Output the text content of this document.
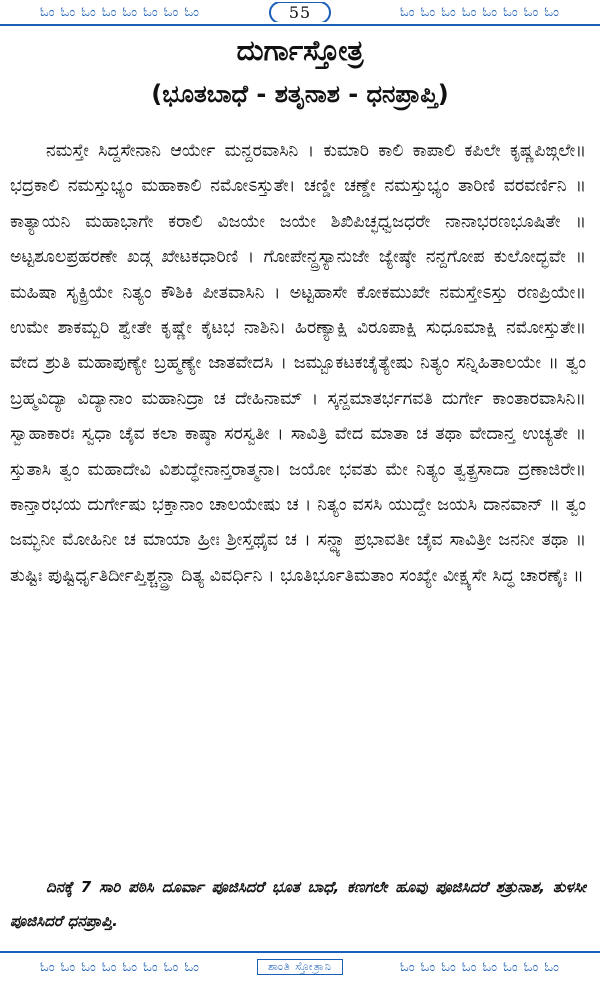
ಓಂ ಓಂ ಓಂ ಓಂ ಓಂ ಓಂ ಓಂ ಓಂ	55	ಓಂ ಓಂ ಓಂ ಓಂ ಓಂ ಓಂ ಓಂ ಓಂ
ದುರ್ಗಾಸ್ತೋತ್ರ
(ಭೂತಬಾಧೆ - ಶತೃನಾಶ - ಧನಪ್ರಾಪ್ತಿ)

ನಮಸ್ತೇ ಸಿದ್ದಸೇನಾನಿ ಆರ್ಯೇ ಮನ್ದರವಾಸಿನಿ । ಕುಮಾರಿ ಕಾಲಿ ಕಾಪಾಲಿ ಕಪಿಲೇ ಕೃಷ್ಣಪಿಙ್ಗಲೇ॥ ಭದ್ರಕಾಲಿ ನಮಸ್ತುಭ್ಯಂ ಮಹಾಕಾಲಿ ನಮೋಽಸ್ತುತೇ। ಚಣ್ಡೀ ಚಣ್ಡೇ ನಮಸ್ತುಭ್ಯಂ ತಾರಿಣಿ ವರವರ್ಣಿನಿ ॥ ಕಾತ್ಯಾಯನಿ ಮಹಾಭಾಗೇ ಕರಾಲಿ ವಿಜಯೇ ಜಯೇ ಶಿಖಿಪಿಚ್ಛಧ್ವಜಧರೇ ನಾನಾಭರಣಭೂಷಿತೇ ॥ ಅಟ್ಟಶೂಲಪ್ರಹರಣೇ ಖಡ್ಗ ಖೇಟಕಧಾರಿಣಿ । ಗೋಪೇನ್ದ್ರಸ್ಯಾನುಜೇ ಜ್ಯೇಷ್ಠೇ ನನ್ದಗೋಪ ಕುಲೋದ್ಭವೇ ॥ ಮಹಿಷಾ ಸೃಕ್ಪ್ರಿಯೇ ನಿತ್ಯಂ ಕೌಶಿಕಿ ಪೀತವಾಸಿನಿ । ಅಟ್ಟಹಾಸೇ ಕೋಕಮುಖೇ ನಮಸ್ತೇಽಸ್ತು ರಣಪ್ರಿಯೇ॥ ಉಮೇ ಶಾಕಮ್ಬರಿ ಶ್ವೇತೇ ಕೃಷ್ಣೇ ಕೈಟಭ ನಾಶಿನಿ। ಹಿರಣ್ಯಾಕ್ಷಿ ವಿರೂಪಾಕ್ಷಿ ಸುಧೂಮಾಕ್ಷಿ ನಮೋಸ್ತುತೇ॥ ವೇದ ಶ್ರುತಿ ಮಹಾಪುಣ್ಯೇ ಬ್ರಹ್ಮಣ್ಯೇ ಜಾತವೇದಸಿ । ಜಮ್ಬೂಕಟಕಚೈತ್ಯೇಷು ನಿತ್ಯಂ ಸನ್ನಿಹಿತಾಲಯೇ ॥ ತ್ವಂ ಬ್ರಹ್ಮವಿದ್ಯಾ ವಿದ್ಯಾನಾಂ ಮಹಾನಿದ್ರಾ ಚ ದೇಹಿನಾಮ್ । ಸ್ಕನ್ದಮಾತರ್ಭಗವತಿ ದುರ್ಗೇ ಕಾಂತಾರವಾಸಿನಿ॥ ಸ್ವಾಹಾಕಾರಃ ಸ್ವಧಾ ಚೈವ ಕಲಾ ಕಾಷ್ಠಾ ಸರಸ್ವತೀ । ಸಾವಿತ್ರಿ ವೇದ ಮಾತಾ ಚ ತಥಾ ವೇದಾನ್ತ ಉಚ್ಯತೇ ॥ ಸ್ತುತಾಸಿ ತ್ವಂ ಮಹಾದೇವಿ ವಿಶುದ್ಧೇನಾನ್ತರಾತ್ಮನಾ। ಜಯೋ ಭವತು ಮೇ ನಿತ್ಯಂ ತ್ವತ್ಪ್ರಸಾದಾ ದ್ರಣಾಜಿರೇ॥ ಕಾನ್ತಾರಭಯ ದುರ್ಗೇಷು ಭಕ್ತಾನಾಂ ಚಾಲಯೇಷು ಚ । ನಿತ್ಯಂ ವಸಸಿ ಯುದ್ದೇ ಜಯಸಿ ದಾನವಾನ್ ॥ ತ್ವಂ ಜಮ್ಭನೀ ಮೋಹಿನೀ ಚ ಮಾಯಾ ಹ್ರೀಃ ಶ್ರೀಸ್ತಥೈವ ಚ । ಸನ್ಧ್ಯಾ ಪ್ರಭಾವತೀ ಚೈವ ಸಾವಿತ್ರೀ ಜನನೀ ತಥಾ ॥ ತುಷ್ಟಿಃ ಪುಷ್ಟಿರ್ಧೃತಿರ್ದೀಪ್ತಿಶ್ಚನ್ದ್ರಾ ದಿತ್ಯ ವಿವರ್ಧಿನಿ । ಭೂತಿರ್ಭೂತಿಮತಾಂ ಸಂಖ್ಯೇ ವೀಕ್ಷ್ಯಸೇ ಸಿದ್ಧ ಚಾರಣೈಃ ॥

ದಿನಕ್ಕೆ 7 ಸಾರಿ ಪಠಿಸಿ ದೂರ್ವಾ ಪೂಜಿಸಿದರೆ ಭೂತ ಬಾಧೆ, ಕಣಗಲೇ ಹೂವು ಪೂಜಿಸಿದರೆ ಶತ್ರುನಾಶ, ತುಳಸೀ ಪೂಜಿಸಿದರೆ ಧನಪ್ರಾಪ್ತಿ.

ಓಂ ಓಂ ಓಂ ಓಂ ಓಂ ಓಂ ಓಂ ಓಂ	ಶಾಂತಿ ಸ್ತೋತ್ರಾನಿ	ಓಂ ಓಂ ಓಂ ಓಂ ಓಂ ಓಂ ಓಂ ಓಂ
